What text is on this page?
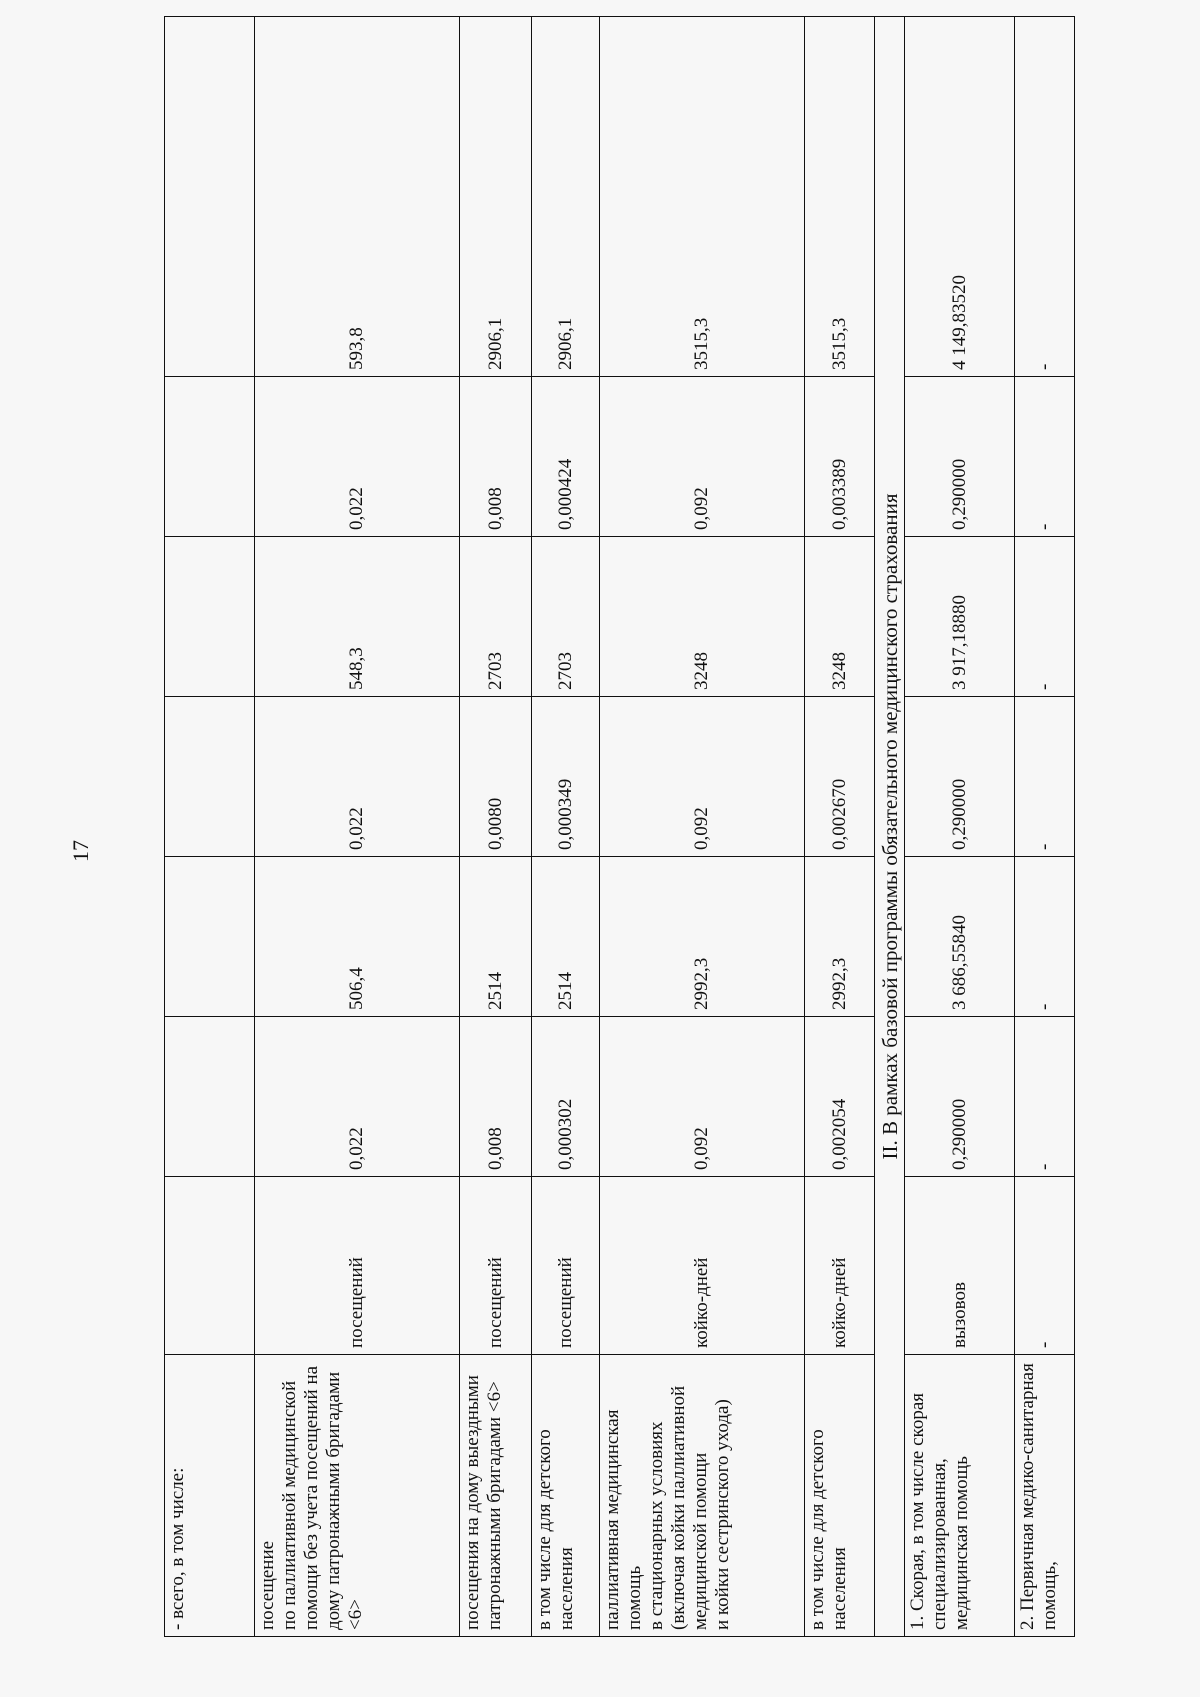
17
- всего, в том числе:							
посещение
по паллиативной медицинской помощи без учета посещений на дому патронажными бригадами <6>	посещений	0,022	506,4	0,022	548,3	0,022	593,8
посещения на дому выездными патронажными бригадами <6>	посещений	0,008	2514	0,0080	2703	0,008	2906,1
в том числе для детского населения	посещений	0,000302	2514	0,000349	2703	0,000424	2906,1
паллиативная медицинская помощь
в стационарных условиях (включая койки паллиативной медицинской помощи
и койки сестринского ухода)	койко-дней	0,092	2992,3	0,092	3248	0,092	3515,3
в том числе для детского населения	койко-дней	0,002054	2992,3	0,002670	3248	0,003389	3515,3
II. В рамках базовой программы обязательного медицинского страхования							
1. Скорая, в том числе скорая специализированная, медицинская помощь	вызовов	0,290000	3 686,55840	0,290000	3 917,18880	0,290000	4 149,83520
2. Первичная медико-санитарная помощь,	-	-	-	-	-	-	-
